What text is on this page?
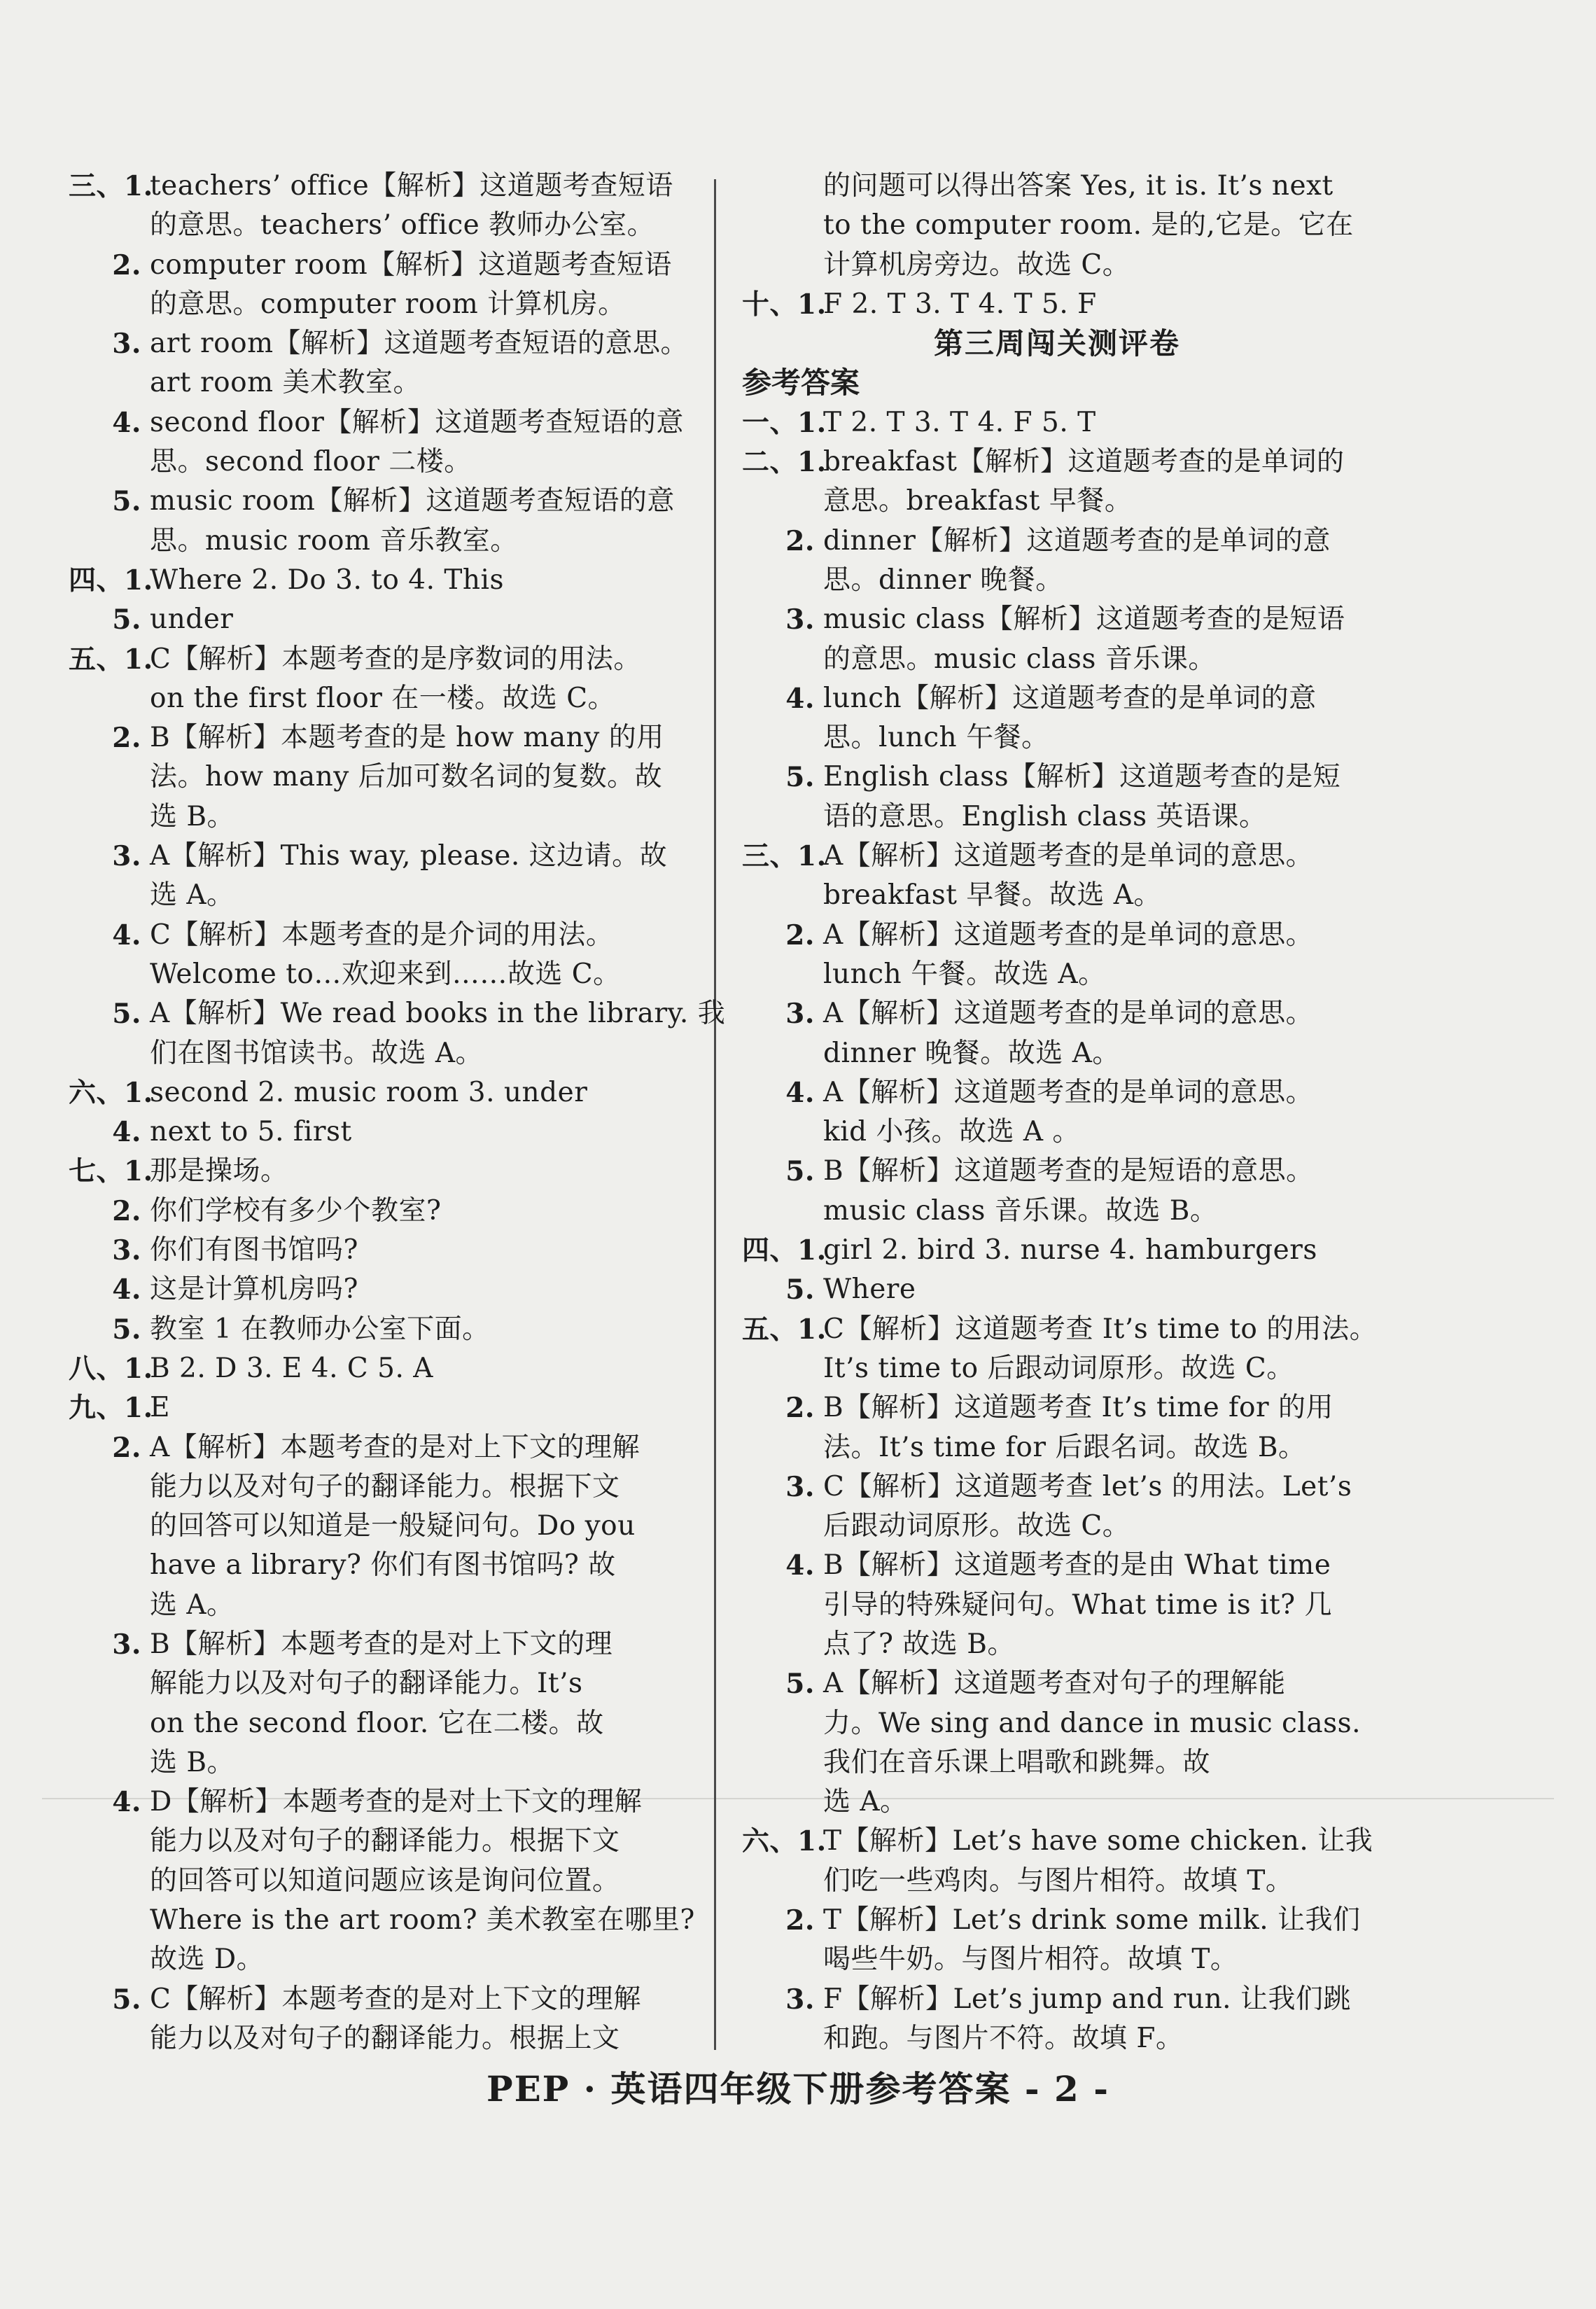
三、1.
teachers’ office【解析】这道题考查短语
的意思。teachers’ office 教师办公室。
2. computer room【解析】这道题考查短语
的意思。computer room 计算机房。
3. art room【解析】这道题考查短语的意思。
art room 美术教室。
4. second floor【解析】这道题考查短语的意
思。second floor 二楼。
5. music room【解析】这道题考查短语的意
思。music room 音乐教室。
四、1.
Where 2. Do 3. to 4. This
5. under
五、1.
C【解析】本题考查的是序数词的用法。
on the first floor 在一楼。故选 C。
2. B【解析】本题考查的是 how many 的用
法。how many 后加可数名词的复数。故
选 B。
3. A【解析】This way, please. 这边请。故
选 A。
4. C【解析】本题考查的是介词的用法。
Welcome to…欢迎来到……故选 C。
5. A【解析】We read books in the library. 我
们在图书馆读书。故选 A。
六、1.
second 2. music room 3. under
4. next to 5. first
七、1.
那是操场。
2. 你们学校有多少个教室?
3. 你们有图书馆吗?
4. 这是计算机房吗?
5. 教室 1 在教师办公室下面。
八、1.
B 2. D 3. E 4. C 5. A
九、1.
E
2. A【解析】本题考查的是对上下文的理解
能力以及对句子的翻译能力。根据下文
的回答可以知道是一般疑问句。Do you
have a library? 你们有图书馆吗? 故
选 A。
3. B【解析】本题考查的是对上下文的理
解能力以及对句子的翻译能力。It’s
on the second floor. 它在二楼。故
选 B。
4. D【解析】本题考查的是对上下文的理解
能力以及对句子的翻译能力。根据下文
的回答可以知道问题应该是询问位置。
Where is the art room? 美术教室在哪里?
故选 D。
5. C【解析】本题考查的是对上下文的理解
能力以及对句子的翻译能力。根据上文
的问题可以得出答案 Yes, it is. It’s next
to the computer room. 是的,它是。它在
计算机房旁边。故选 C。
十、1.
F 2. T 3. T 4. T 5. F
第三周闯关测评卷
参考答案
一、1.
T 2. T 3. T 4. F 5. T
二、1.
breakfast【解析】这道题考查的是单词的
意思。breakfast 早餐。
2. dinner【解析】这道题考查的是单词的意
思。dinner 晚餐。
3. music class【解析】这道题考查的是短语
的意思。music class 音乐课。
4. lunch【解析】这道题考查的是单词的意
思。lunch 午餐。
5. English class【解析】这道题考查的是短
语的意思。English class 英语课。
三、1.
A【解析】这道题考查的是单词的意思。
breakfast 早餐。故选 A。
2. A【解析】这道题考查的是单词的意思。
lunch 午餐。故选 A。
3. A【解析】这道题考查的是单词的意思。
dinner 晚餐。故选 A。
4. A【解析】这道题考查的是单词的意思。
kid 小孩。故选 A 。
5. B【解析】这道题考查的是短语的意思。
music class 音乐课。故选 B。
四、1.
girl 2. bird 3. nurse 4. hamburgers
5. Where
五、1.
C【解析】这道题考查 It’s time to 的用法。
It’s time to 后跟动词原形。故选 C。
2. B【解析】这道题考查 It’s time for 的用
法。It’s time for 后跟名词。故选 B。
3. C【解析】这道题考查 let’s 的用法。Let’s
后跟动词原形。故选 C。
4. B【解析】这道题考查的是由 What time
引导的特殊疑问句。What time is it? 几
点了? 故选 B。
5. A【解析】这道题考查对句子的理解能
力。We sing and dance in music class.
我们在音乐课上唱歌和跳舞。故
选 A。
六、1.
T【解析】Let’s have some chicken. 让我
们吃一些鸡肉。与图片相符。故填 T。
2. T【解析】Let’s drink some milk. 让我们
喝些牛奶。与图片相符。故填 T。
3. F【解析】Let’s jump and run. 让我们跳
和跑。与图片不符。故填 F。
PEP · 英语四年级下册参考答案 - 2 -
